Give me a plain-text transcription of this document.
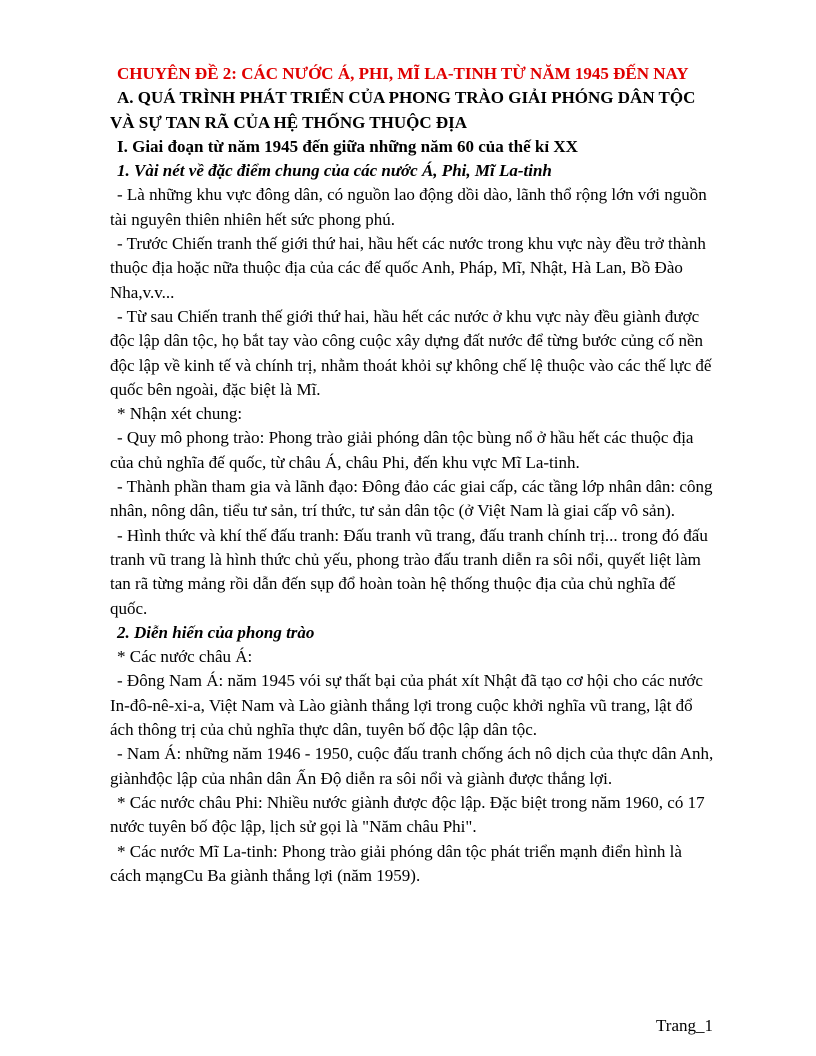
CHUYÊN ĐỀ 2: CÁC NƯỚC Á, PHI, MĨ LA-TINH TỪ NĂM 1945 ĐẾN NAY

A. QUÁ TRÌNH PHÁT TRIỂN CỦA PHONG TRÀO GIẢI PHÓNG DÂN TỘC VÀ SỰ TAN RÃ CỦA HỆ THỐNG THUỘC ĐỊA

I. Giai đoạn từ năm 1945 đến giữa những năm 60 của thế kỉ XX

1. Vài nét về đặc điểm chung của các nước Á, Phi, Mĩ La-tinh

- Là những khu vực đông dân, có nguồn lao động dồi dào, lãnh thổ rộng lớn với nguồn tài nguyên thiên nhiên hết sức phong phú.

- Trước Chiến tranh thế giới thứ hai, hầu hết các nước trong khu vực này đều trở thành thuộc địa hoặc nữa thuộc địa của các đế quốc Anh, Pháp, Mĩ, Nhật, Hà Lan, Bồ Đào Nha,v.v...

- Từ sau Chiến tranh thế giới thứ hai, hầu hết các nước ở khu vực này đều giành được độc lập dân tộc, họ bắt tay vào công cuộc xây dựng đất nước để từng bước củng cố nền độc lập về kinh tế và chính trị, nhằm thoát khỏi sự không chế lệ thuộc vào các thế lực đế quốc bên ngoài, đặc biệt là Mĩ.

* Nhận xét chung:

- Quy mô phong trào: Phong trào giải phóng dân tộc bùng nổ ở hầu hết các thuộc địa của chủ nghĩa đế quốc, từ châu Á, châu Phi, đến khu vực Mĩ La-tinh.

- Thành phần tham gia và lãnh đạo: Đông đảo các giai cấp, các tầng lớp nhân dân: công nhân, nông dân, tiểu tư sản, trí thức, tư sản dân tộc (ở Việt Nam là giai cấp vô sản).

- Hình thức và khí thế đấu tranh: Đấu tranh vũ trang, đấu tranh chính trị... trong đó đấu tranh vũ trang là hình thức chủ yếu, phong trào đấu tranh diễn ra sôi nổi, quyết liệt làm tan rã từng mảng rồi dẫn đến sụp đổ hoàn toàn hệ thống thuộc địa của chủ nghĩa đế quốc.

2. Diễn hiến của phong trào

* Các nước châu Á:

- Đông Nam Á: năm 1945 vói sự thất bại của phát xít Nhật đã tạo cơ hội cho các nước In-đô-nê-xi-a, Việt Nam và Lào giành thắng lợi trong cuộc khởi nghĩa vũ trang, lật đổ ách thông trị của chủ nghĩa thực dân, tuyên bố độc lập dân tộc.

- Nam Á: những năm 1946 - 1950, cuộc đấu tranh chống ách nô dịch của thực dân Anh, giànhđộc lập của nhân dân Ấn Độ diễn ra sôi nổi và giành được thắng lợi.

* Các nước châu Phi: Nhiều nước giành được độc lập. Đặc biệt trong năm 1960, có 17 nước tuyên bố độc lập, lịch sử gọi là "Năm châu Phi".

* Các nước Mĩ La-tinh: Phong trào giải phóng dân tộc phát triển mạnh điển hình là cách mạngCu Ba giành thắng lợi (năm 1959).

Trang_1
